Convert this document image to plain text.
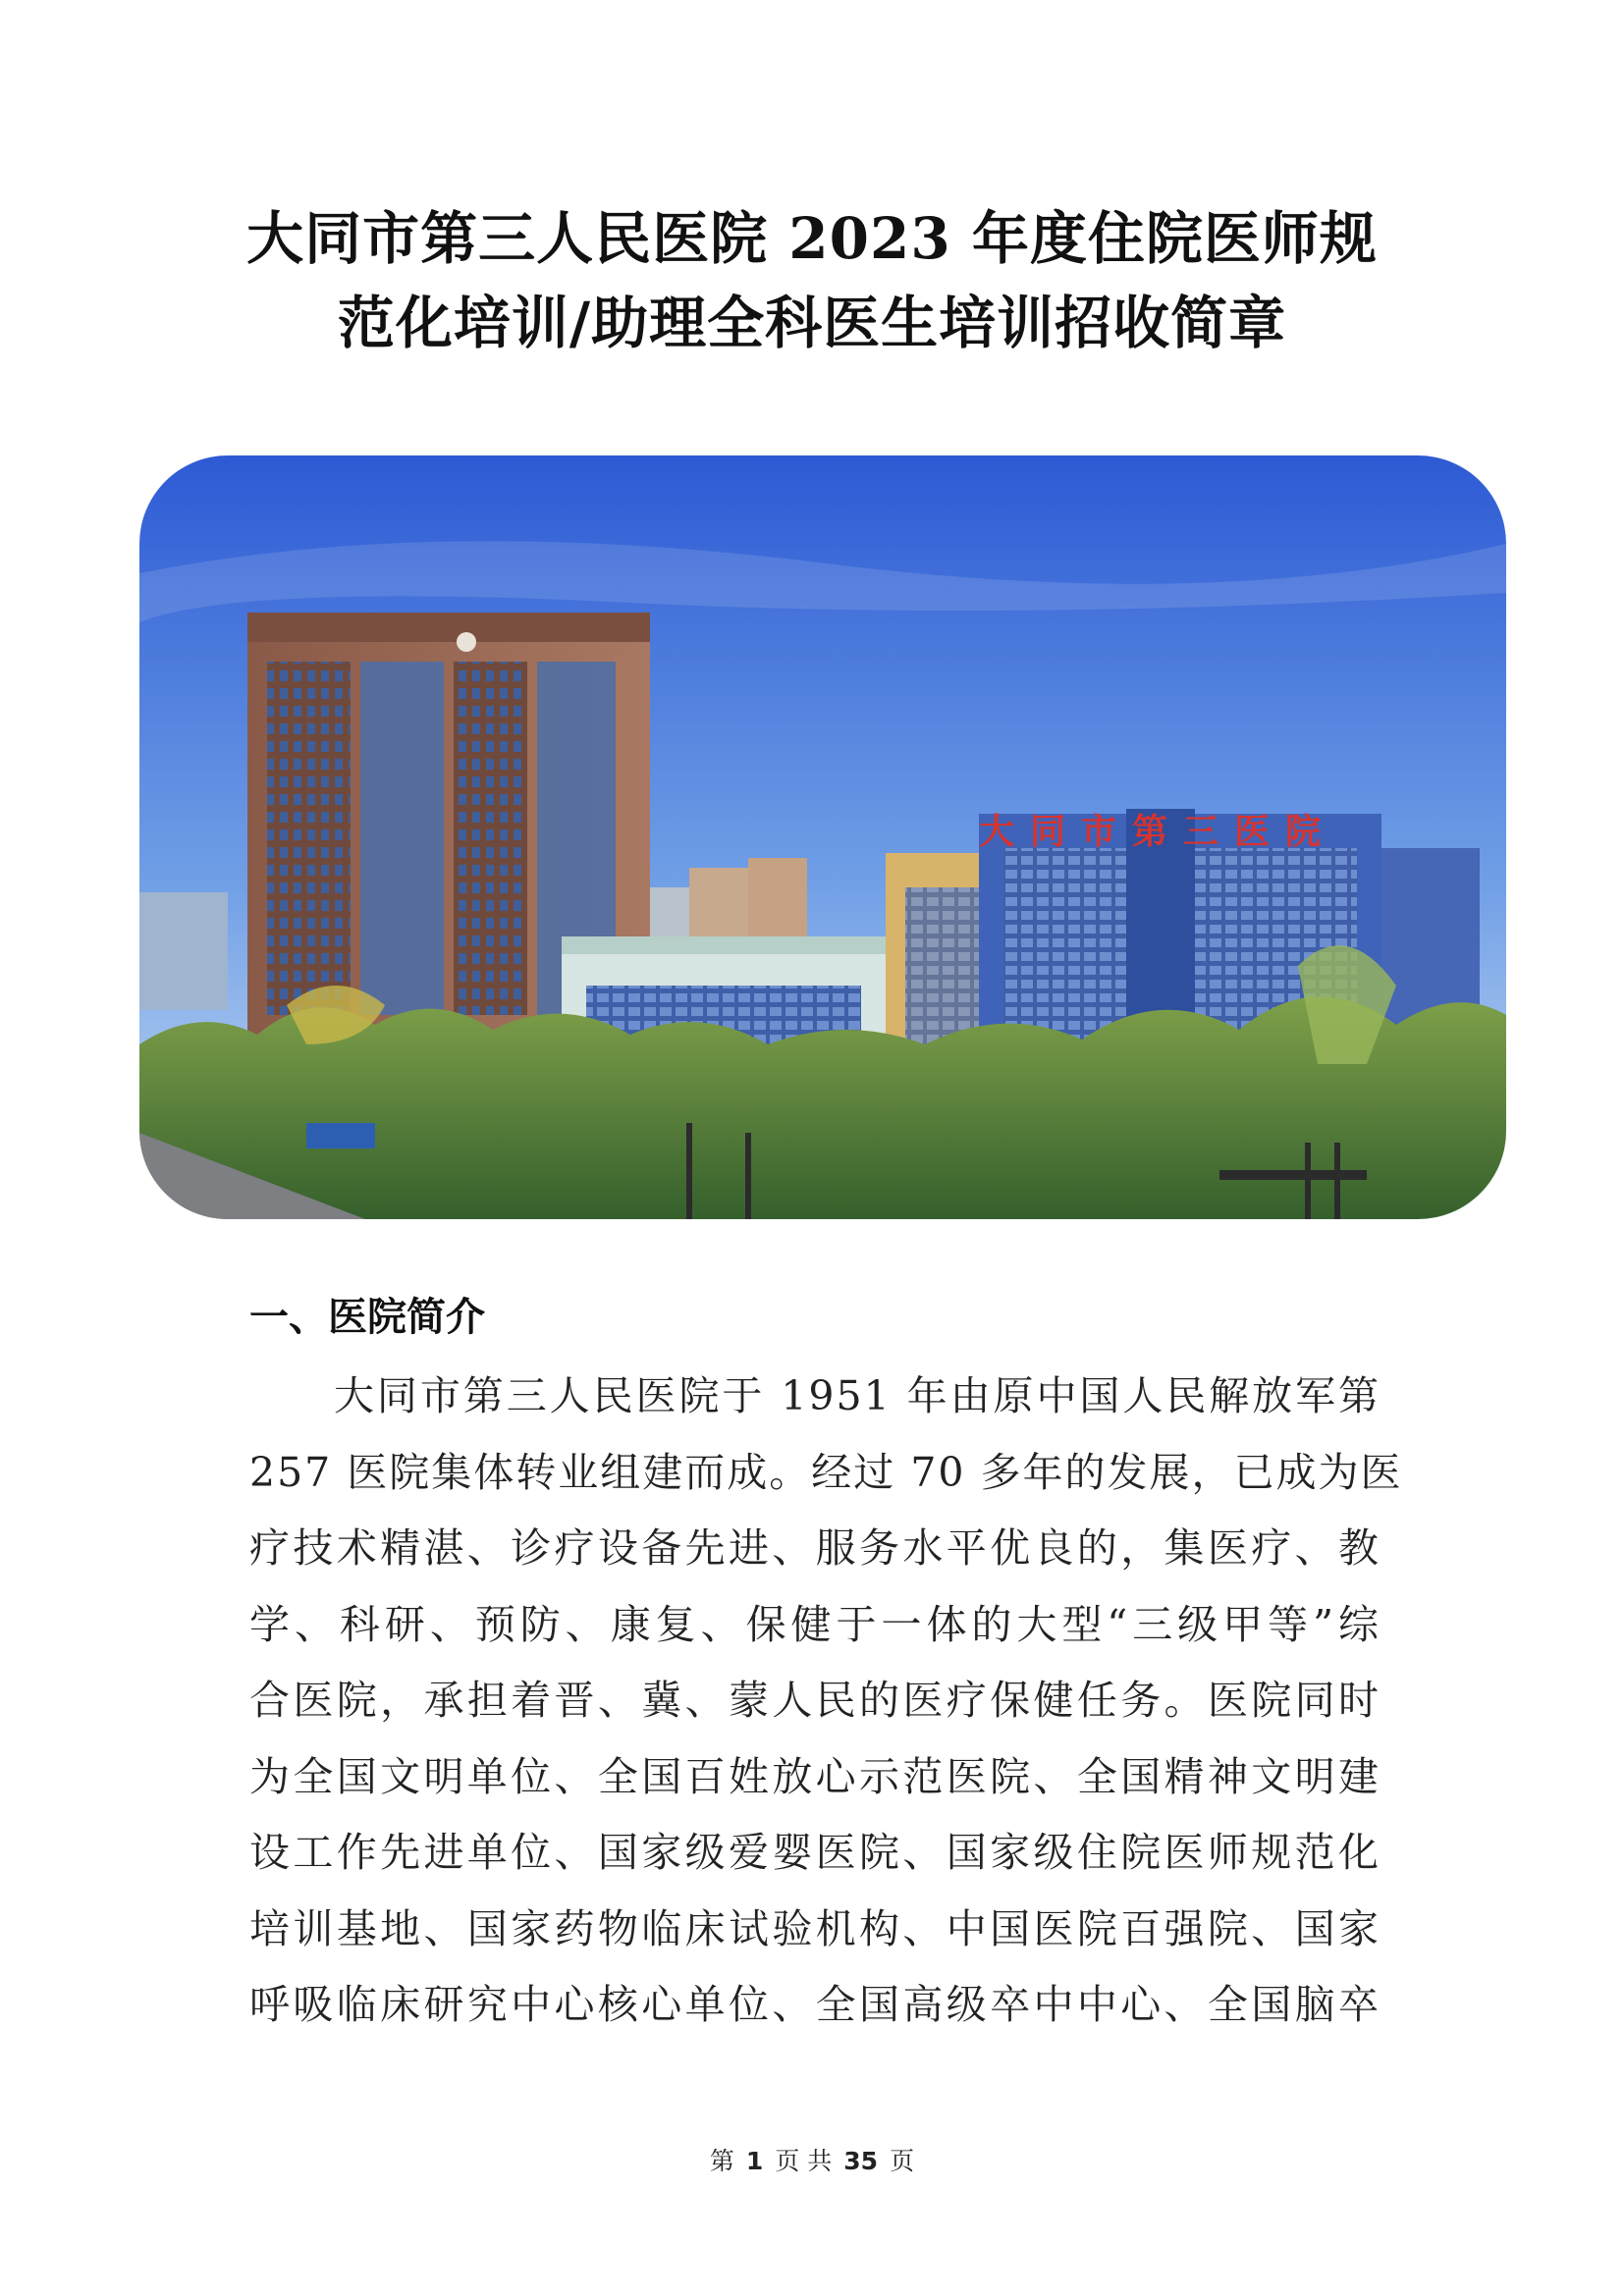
大同市第三人民医院 2023 年度住院医师规
范化培训/助理全科医生培训招收简章
大同市第三医院
一、医院简介
大同市第三人民医院于 1951 年由原中国人民解放军第
257 医院集体转业组建而成。经过 70 多年的发展，已成为医
疗技术精湛、诊疗设备先进、服务水平优良的，集医疗、教
学、科研、预防、康复、保健于一体的大型“三级甲等”综
合医院，承担着晋、冀、蒙人民的医疗保健任务。医院同时
为全国文明单位、全国百姓放心示范医院、全国精神文明建
设工作先进单位、国家级爱婴医院、国家级住院医师规范化
培训基地、国家药物临床试验机构、中国医院百强院、国家
呼吸临床研究中心核心单位、全国高级卒中中心、全国脑卒
第 1 页 共 35 页
